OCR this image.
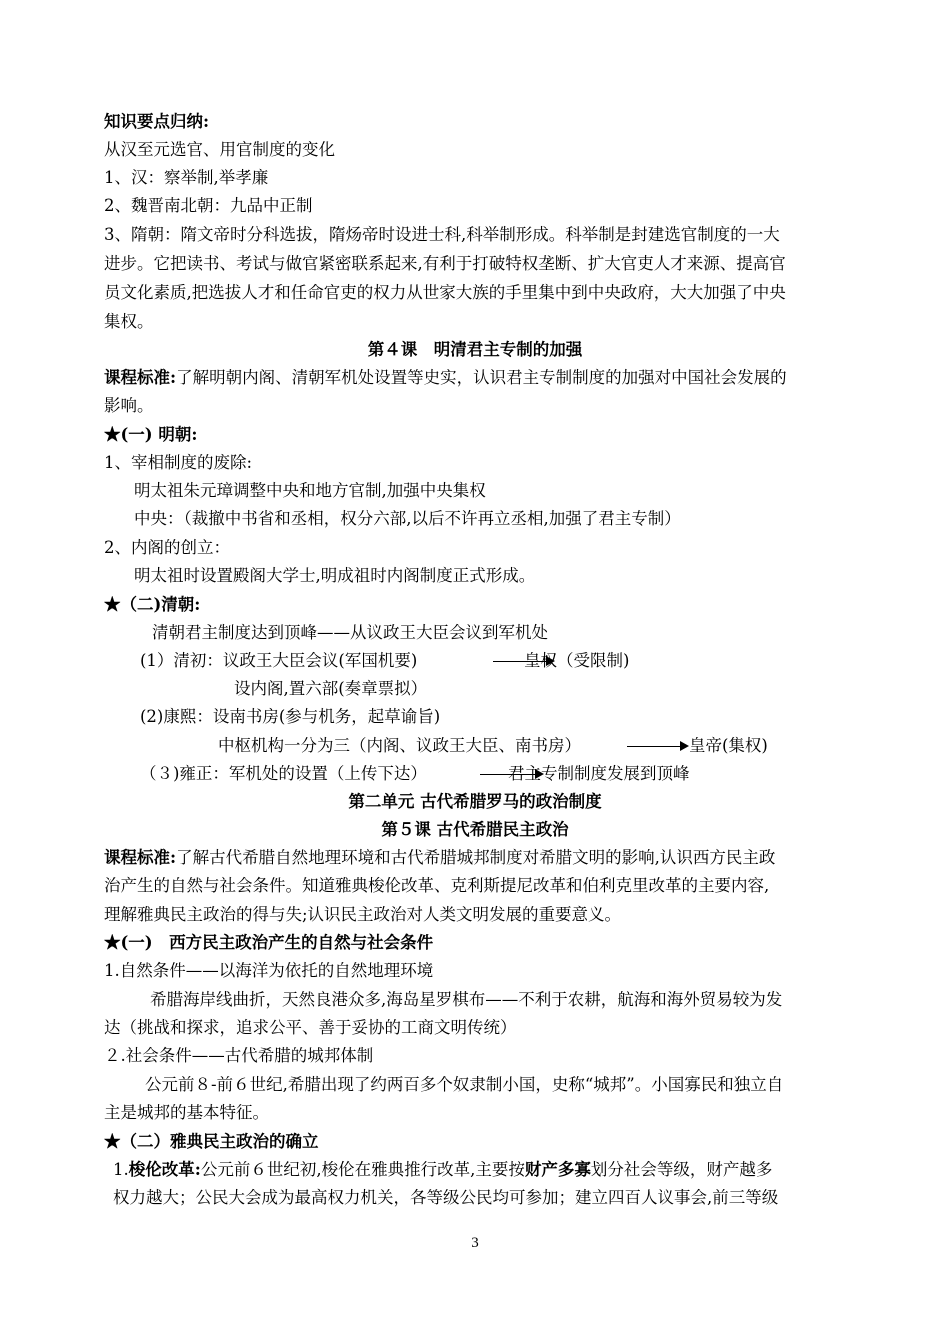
知识要点归纳:
从汉至元选官、用官制度的变化
1、汉：察举制,举孝廉
2、魏晋南北朝：九品中正制
3、隋朝：隋文帝时分科选拔，隋炀帝时设进士科,科举制形成。科举制是封建选官制度的一大
进步。它把读书、考试与做官紧密联系起来,有利于打破特权垄断、扩大官吏人才来源、提高官
员文化素质,把选拔人才和任命官吏的权力从世家大族的手里集中到中央政府，大大加强了中央
集权。
第４课　明清君主专制的加强
课程标准:了解明朝内阁、清朝军机处设置等史实，认识君主专制制度的加强对中国社会发展的
影响。
★(一) 明朝:
1、宰相制度的废除:
明太祖朱元璋调整中央和地方官制,加强中央集权
中央：（裁撤中书省和丞相，权分六部,以后不许再立丞相,加强了君主专制）
2、内阁的创立：
明太祖时设置殿阁大学士,明成祖时内阁制度正式形成。
★（二)清朝:
清朝君主制度达到顶峰——从议政王大臣会议到军机处
(1）清初：议政王大臣会议(军国机要)	皇权（受限制)
设内阁,置六部(奏章票拟）
(2)康熙：设南书房(参与机务，起草谕旨)
中枢机构一分为三（内阁、议政王大臣、南书房）	皇帝(集权)
（３)雍正：军机处的设置（上传下达）	君主专制制度发展到顶峰
第二单元 古代希腊罗马的政治制度
第５课 古代希腊民主政治
课程标准:了解古代希腊自然地理环境和古代希腊城邦制度对希腊文明的影响,认识西方民主政
治产生的自然与社会条件。知道雅典梭伦改革、克利斯提尼改革和伯利克里改革的主要内容,
理解雅典民主政治的得与失;认识民主政治对人类文明发展的重要意义。
★(一)　西方民主政治产生的自然与社会条件
1.自然条件——以海洋为依托的自然地理环境
希腊海岸线曲折，天然良港众多,海岛星罗棋布——不利于农耕，航海和海外贸易较为发
达（挑战和探求，追求公平、善于妥协的工商文明传统）
２.社会条件——古代希腊的城邦体制
公元前８-前６世纪,希腊出现了约两百多个奴隶制小国，史称“城邦”。小国寡民和独立自
主是城邦的基本特征。
★（二）雅典民主政治的确立
1.梭伦改革:公元前６世纪初,梭伦在雅典推行改革,主要按财产多寡划分社会等级，财产越多
权力越大；公民大会成为最高权力机关，各等级公民均可参加；建立四百人议事会,前三等级
3
